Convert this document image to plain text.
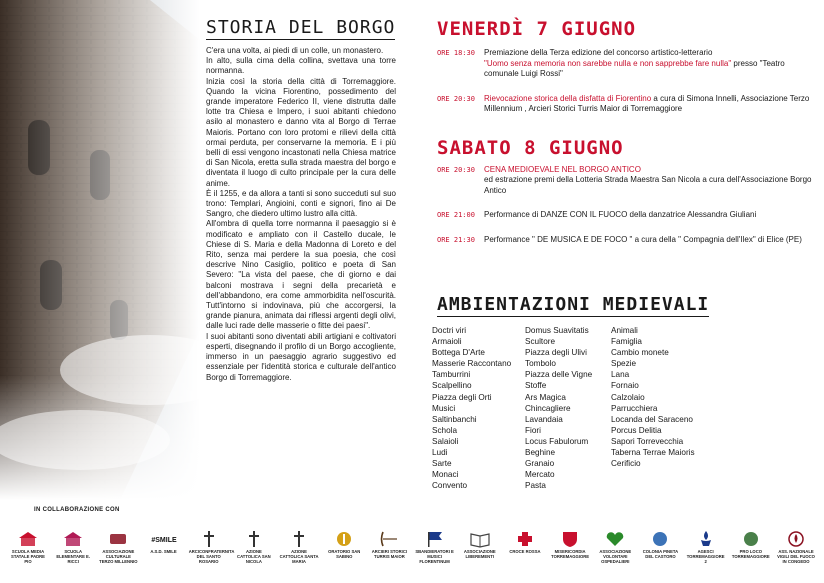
STORIA DEL BORGO

C'era una volta, ai piedi di un colle, un monastero.

In alto, sulla cima della collina, svettava una torre normanna.

Inizia così la storia della città di Torremaggiore. Quando la vicina Fiorentino, possedimento del grande imperatore Federico II, viene distrutta dalle lotte tra Chiesa e Impero, i suoi abitanti chiedono asilo al monastero e danno vita al Borgo di Terrae Maioris. Portano con loro protomi e rilievi della città ormai perduta, per conservarne la memoria. E i più belli di essi vengono incastonati nella Chiesa matrice di San Nicola, eretta sulla strada maestra del borgo e diventata il luogo di culto principale per la cura delle anime.

È il 1255, e da allora a tanti si sono succeduti sul suo trono: Templari, Angioini, conti e signori, fino ai De Sangro, che diedero ultimo lustro alla città.

All'ombra di quella torre normanna il paesaggio si è modificato e ampliato con il Castello ducale, le Chiese di S. Maria e della Madonna di Loreto e del Rito, senza mai perdere la sua poesia, che così descrive Nino Casiglio, politico e poeta di San Severo: "La vista del paese, che di giorno e dai balconi mostrava i segni della precarietà e dell'abbandono, era come ammorbidita nell'oscurità. Tutt'intorno si indovinava, più che accorgersi, la grande pianura, animata dai riflessi argenti degli olivi, dalle luci rade delle masserie o fitte dei paesi".

I suoi abitanti sono diventati abili artigiani e coltivatori esperti, disegnando il profilo di un Borgo accogliente, immerso in un paesaggio agrario suggestivo ed essenziale per l'identità storica e culturale dell'antico Borgo di Torremaggiore.

VENERDÌ 7 GIUGNO
ORE 18:30 Premiazione della Terza edizione del concorso artistico-letterario
"Uomo senza memoria non sarebbe nulla e non sapprebbe fare nulla" presso "Teatro comunale Luigi Rossi"
ORE 20:30 Rievocazione storica della disfatta di Fiorentino a cura di Simona Innelli, Associazione Terzo Millennium , Arcieri Storici Turris Maior di Torremaggiore
SABATO 8 GIUGNO
ORE 20:30 CENA MEDIOEVALE NEL BORGO ANTICO
ed estrazione premi della Lotteria Strada Maestra San Nicola a cura dell'Associazione Borgo Antico
ORE 21:00 Performance di DANZE CON IL FUOCO della danzatrice Alessandra Giuliani
ORE 21:30 Performance " DE MUSICA E DE FOCO " a cura della " Compagnia dell'Ilex" di Elice (PE)
AMBIENTAZIONI MEDIEVALI
Doctri viri
Armaioli
Bottega D'Arte
Masserie Raccontano
Tamburrini
Scalpellino
Piazza degli Orti
Musici
Saltinbanchi
Schola
Salaioli
Ludi
Sarte
Monaci
Convento
Domus Suavitatis
Scultore
Piazza degli Ulivi
Tombolo
Piazza delle Vigne
Stoffe
Ars Magica
Chincagliere
Lavandaia
Fiori
Locus Fabulorum
Beghine
Granaio
Mercato
Pasta
Animali
Famiglia
Cambio monete
Spezie
Lana
Fornaio
Calzolaio
Parrucchiera
Locanda del Saraceno
Porcus Delitia
Sapori Torrevecchia
Taberna Terrae Maioris
Cerificio
IN COLLABORAZIONE CON
SCUOLA MEDIA STATALE PADRE PIO
SCUOLA ELEMENTARE E. RICCI
ASSOCIAZIONE CULTURALE TERZO MILLENNIO
#SMILE
A.S.D. SMILE	ARCICONFRATERNITA DEL SANTO ROSARIO
AZIONE CATTOLICA SAN NICOLA
AZIONE CATTOLICA SANTA MARIA
ORATORIO SAN SABINO
ARCIERI STORICI TURRIS MAIOR
SBANDIERATORI E MUSICI FLORENTINUM
ASSOCIAZIONE LIBEREMENTI
CROCE ROSSA	MISERICORDIA TORREMAGGIORE
ASSOCIAZIONE VOLONTARI OSPEDALIERI
COLONIA PINETA DEL CASTORO
AGESCI TORREMAGGIORE 2
PRO LOCO TORREMAGGIORE
ASS. NAZIONALE VIGILI DEL FUOCO IN CONGEDO
